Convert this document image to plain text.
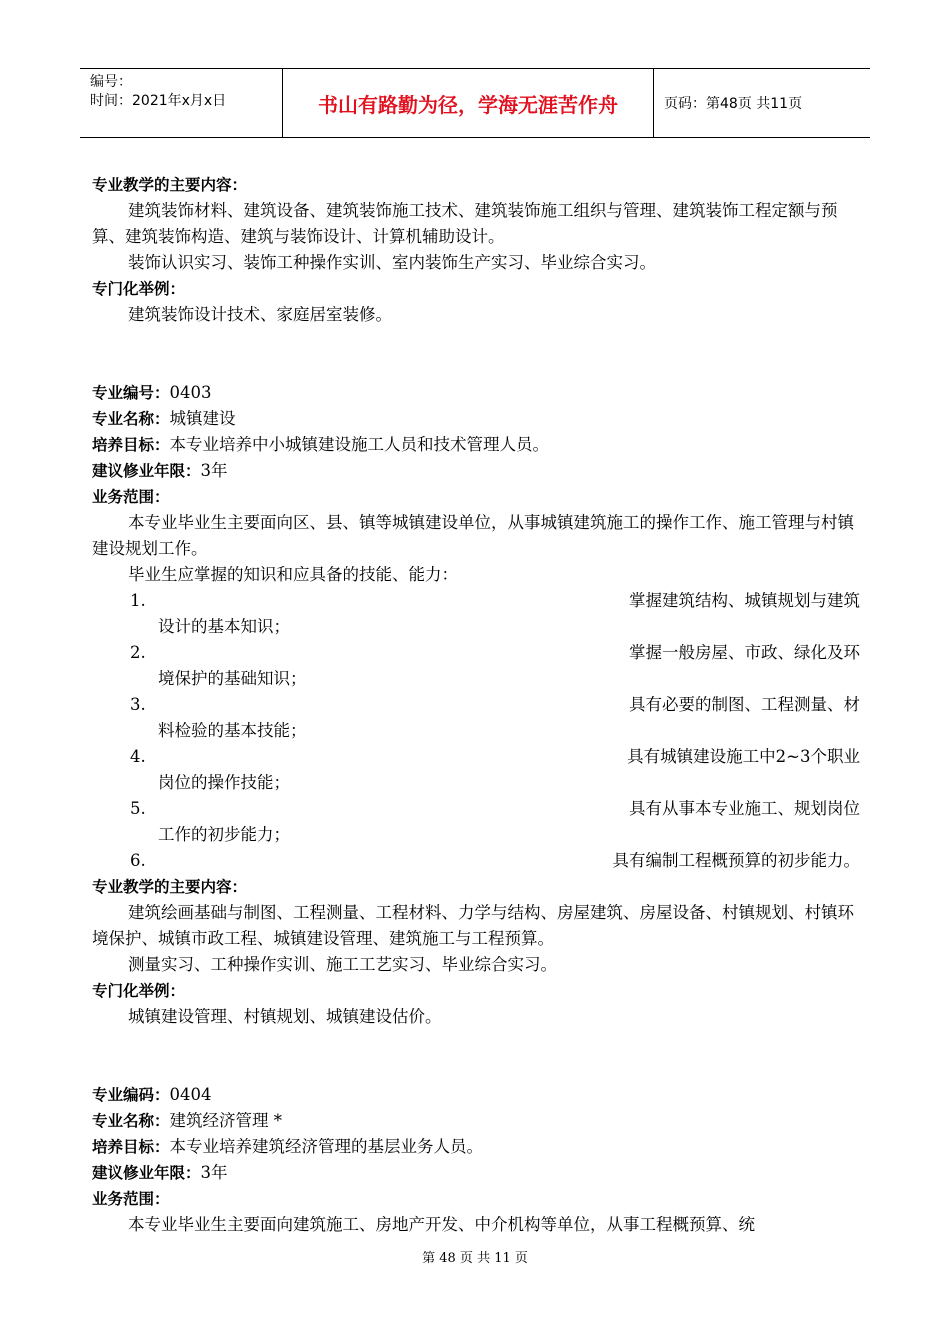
编号：
时间：2021年x月x日	书山有路勤为径，学海无涯苦作舟	页码：第48页 共11页
专业教学的主要内容：
建筑装饰材料、建筑设备、建筑装饰施工技术、建筑装饰施工组织与管理、建筑装饰工程定额与预算、建筑装饰构造、建筑与装饰设计、计算机辅助设计。
装饰认识实习、装饰工种操作实训、室内装饰生产实习、毕业综合实习。
专门化举例：
建筑装饰设计技术、家庭居室装修。
专业编号：0403
专业名称：城镇建设
培养目标：本专业培养中小城镇建设施工人员和技术管理人员。
建议修业年限：3年
业务范围：
本专业毕业生主要面向区、县、镇等城镇建设单位，从事城镇建筑施工的操作工作、施工管理与村镇建设规划工作。
毕业生应掌握的知识和应具备的技能、能力：
1.	掌握建筑结构、城镇规划与建筑
设计的基本知识；
2.	掌握一般房屋、市政、绿化及环
境保护的基础知识；
3.	具有必要的制图、工程测量、材
料检验的基本技能；
4.	具有城镇建设施工中2~3个职业
岗位的操作技能；
5.	具有从事本专业施工、规划岗位
工作的初步能力；
6.	具有编制工程概预算的初步能力。
专业教学的主要内容：
建筑绘画基础与制图、工程测量、工程材料、力学与结构、房屋建筑、房屋设备、村镇规划、村镇环境保护、城镇市政工程、城镇建设管理、建筑施工与工程预算。
测量实习、工种操作实训、施工工艺实习、毕业综合实习。
专门化举例：
城镇建设管理、村镇规划、城镇建设估价。
专业编码：0404
专业名称：建筑经济管理 *
培养目标：本专业培养建筑经济管理的基层业务人员。
建议修业年限：3年
业务范围：
本专业毕业生主要面向建筑施工、房地产开发、中介机构等单位，从事工程概预算、统
第 48 页 共 11 页
